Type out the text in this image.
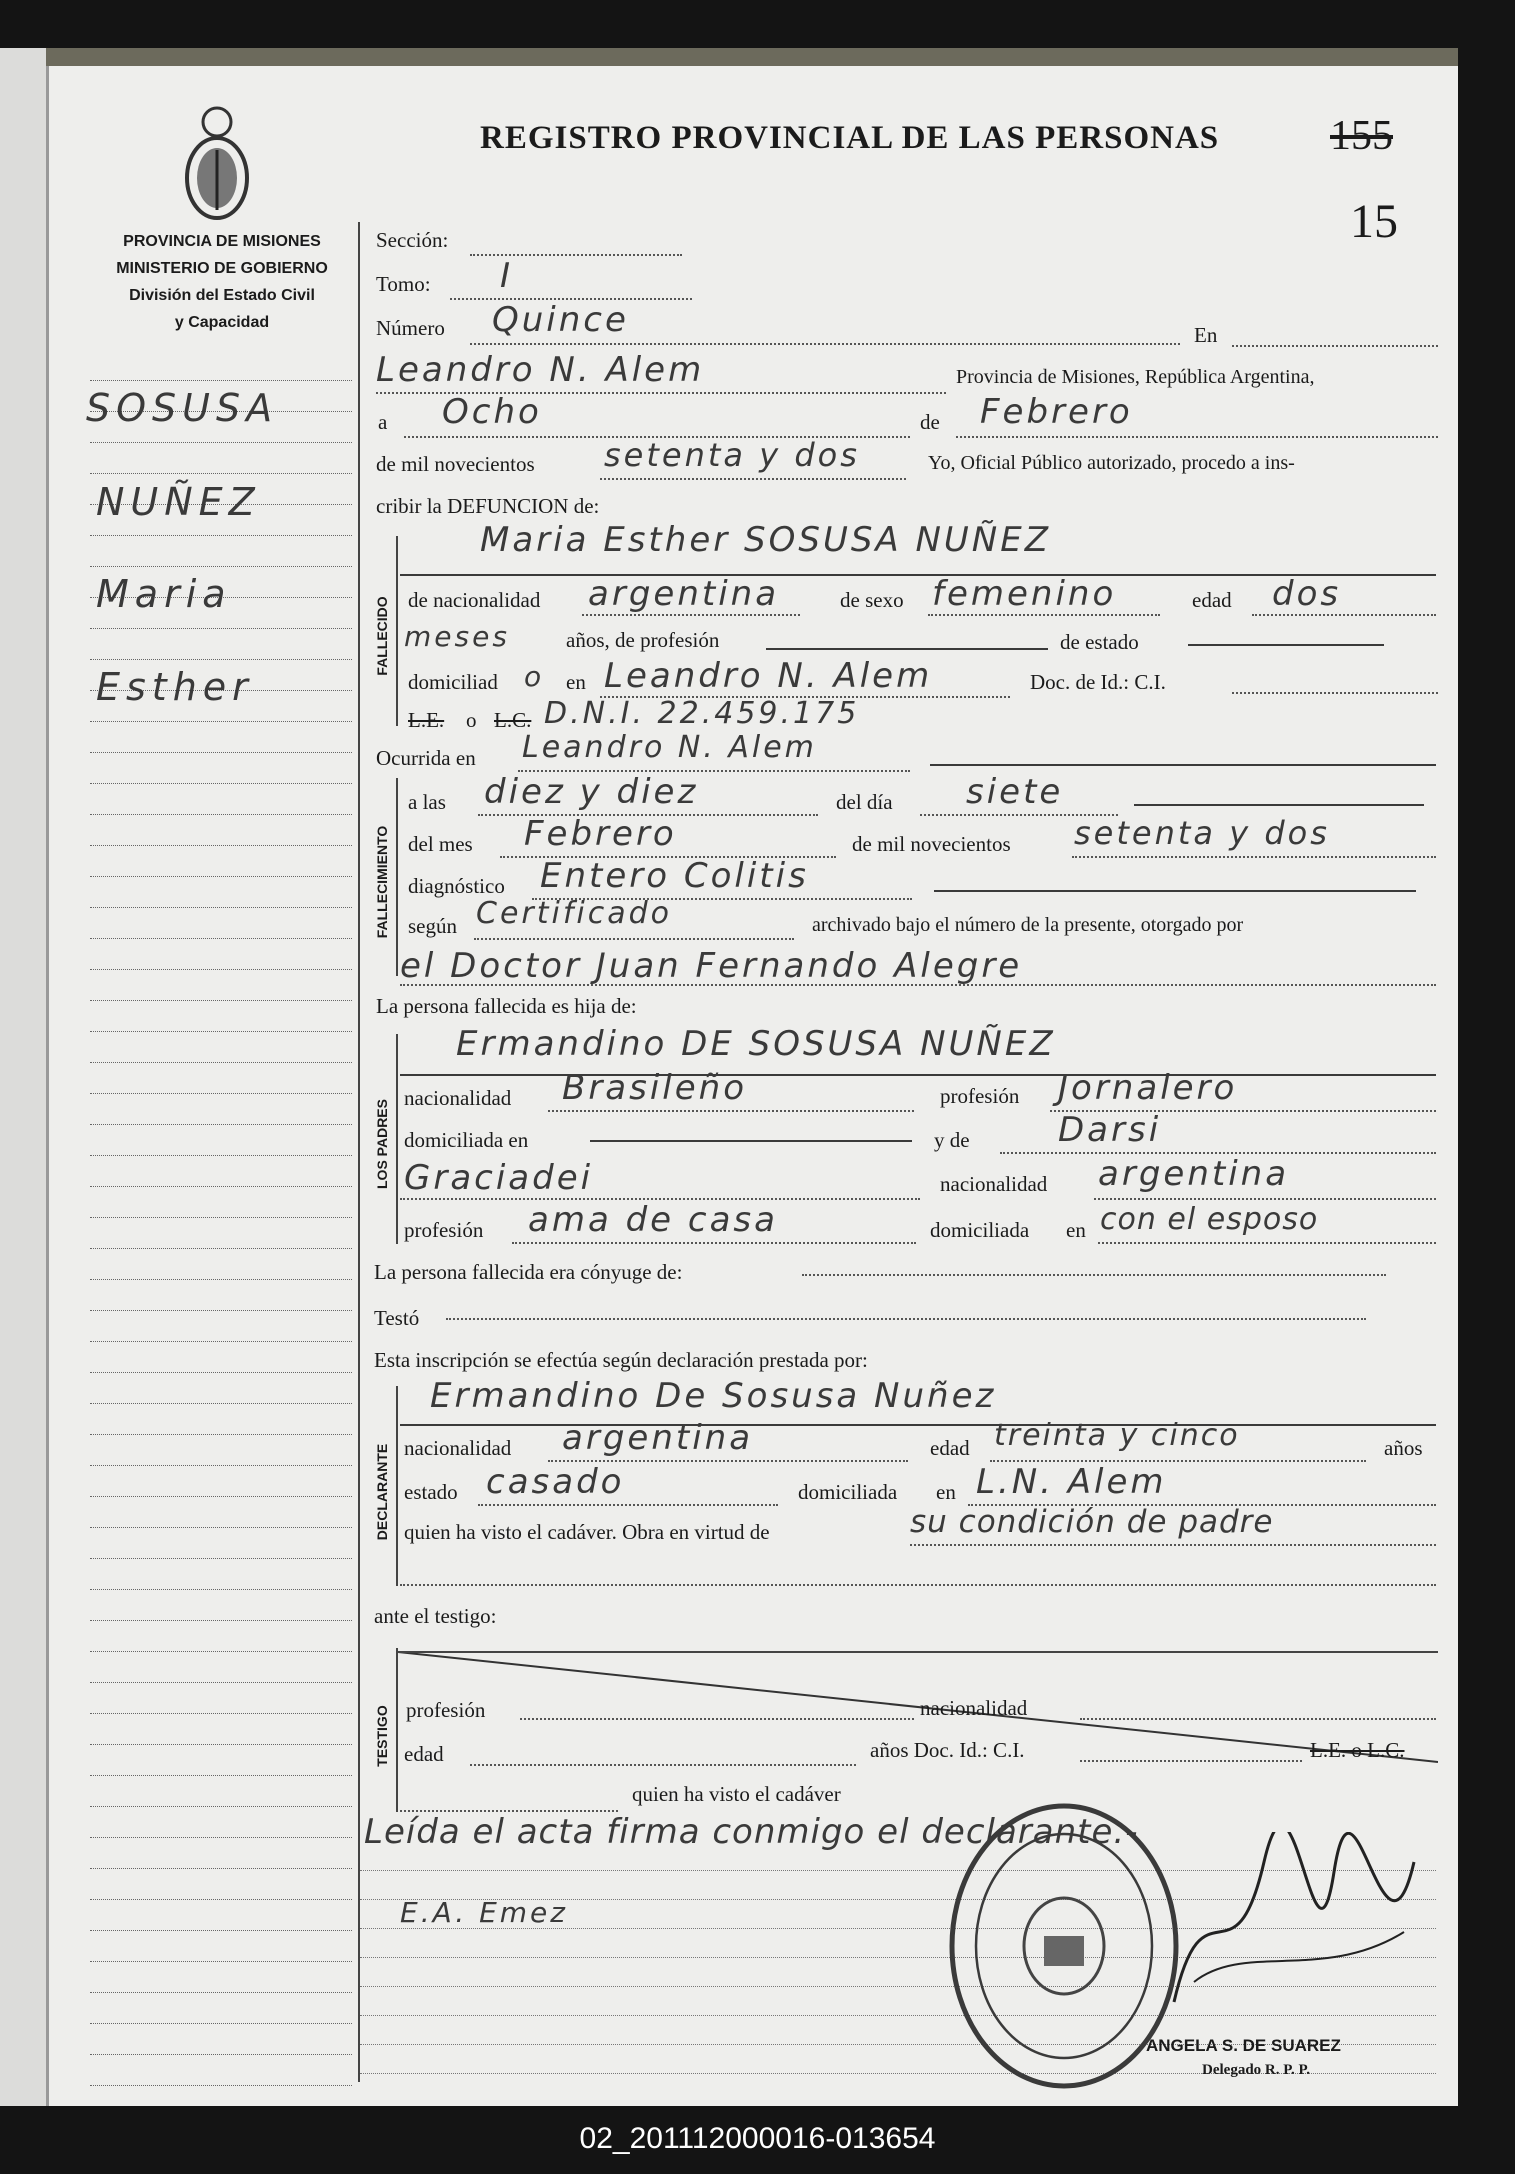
PROVINCIA DE MISIONES
MINISTERIO DE GOBIERNO
División del Estado Civil
y Capacidad
REGISTRO PROVINCIAL DE LAS PERSONAS	155
15
SOSUSA
NUÑEZ
Maria
Esther
Sección:
Tomo: I
Número Quince	En
Leandro N. Alem	Provincia de Misiones, República Argentina,
a Ocho	de Febrero
de mil novecientos setenta y dos	Yo, Oficial Público autorizado, procedo a ins-
cribir la DEFUNCION de:
FALLECIDO
Maria Esther SOSUSA NUÑEZ
de nacionalidad argentina	de sexo femenino	edad dos
meses	años, de profesión	de estado
domiciliad o en Leandro N. Alem	Doc. de Id.: C.I.
L.E. o L.C. D.N.I. 22.459.175
Ocurrida en Leandro N. Alem
FALLECIMIENTO
a las diez y diez	del día siete
del mes Febrero	de mil novecientos setenta y dos
diagnóstico Entero Colitis
según Certificado	archivado bajo el número de la presente, otorgado por
el Doctor Juan Fernando Alegre
La persona fallecida es hija de:
LOS PADRES
Ermandino DE SOSUSA NUÑEZ
nacionalidad Brasileño	profesión Jornalero
domiciliada en	y de	Darsi
Graciadei	nacionalidad argentina
profesión ama de casa	domiciliada en con el esposo
La persona fallecida era cónyuge de:
Testó
Esta inscripción se efectúa según declaración prestada por:
DECLARANTE
Ermandino De Sosusa Nuñez
nacionalidad argentina	edad treinta y cinco	años
estado casado	domiciliada en L.N. Alem
quien ha visto el cadáver. Obra en virtud de	su condición de padre
ante el testigo:
TESTIGO profesión	nacionalidad
edad	años Doc. Id.: C.I.	L.E. o L.C.
quien ha visto el cadáver
Leída el acta firma conmigo el declarante.-
E.A. Emez
ANGELA S. DE SUAREZ
Delegado R. P. P.
02_201112000016-013654
